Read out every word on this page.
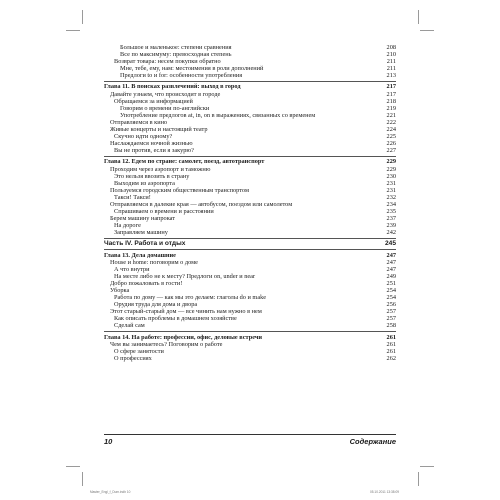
Большое и маленькое: степени сравнения	208
Все по максимуму: превосходная степень	210
Возврат товара: несем покупки обратно	211
Мне, тебе, ему, нам: местоимения в роли дополнений	211
Предлоги to и for: особенности употребления	213
Глава 11. В поисках развлечений: выход в город	217
Давайте узнаем, что происходит в городе	217
Обращаемся за информацией	218
Говорим о времени по-английски	219
Употребление предлогов at, in, on в выражениях, связанных со временем	221
Отправляемся в кино	222
Живые концерты и настоящий театр	224
Скучно идти одному?	225
Наслаждаемся ночной жизнью	226
Вы не против, если я закурю?	227
Глава 12. Едем по стране: самолет, поезд, автотранспорт	229
Проходим через аэропорт и таможню	229
Это нельзя ввозить в страну	230
Выходим из аэропорта	231
Пользуемся городским общественным транспортом	231
Такси! Такси!	232
Отправляемся в далекие края — автобусом, поездом или самолетом	234
Спрашиваем о времени и расстоянии	235
Берем машину напрокат	237
На дороге	239
Заправляем машину	242
Часть IV. Работа и отдых	245
Глава 13. Дела домашние	247
House и home: поговорим о доме	247
А что внутри	247
На месте либо не к месту? Предлоги on, under и near	249
Добро пожаловать в гости!	251
Уборка	254
Работа по дому — как мы это делаем: глаголы do и make	254
Орудия труда для дома и двора	256
Этот старый-старый дом — все чинить нам нужно в нем	257
Как описать проблемы в домашнем хозяйстве	257
Сделай сам	258
Глава 14. На работе: профессии, офис, деловые встречи	261
Чем вы занимаетесь? Поговорим о работе	261
О сфере занятости	261
О профессиях	262
10	Содержание
Master_Engl_f_Dum.indb 10	05.10.2011 13:38:09
